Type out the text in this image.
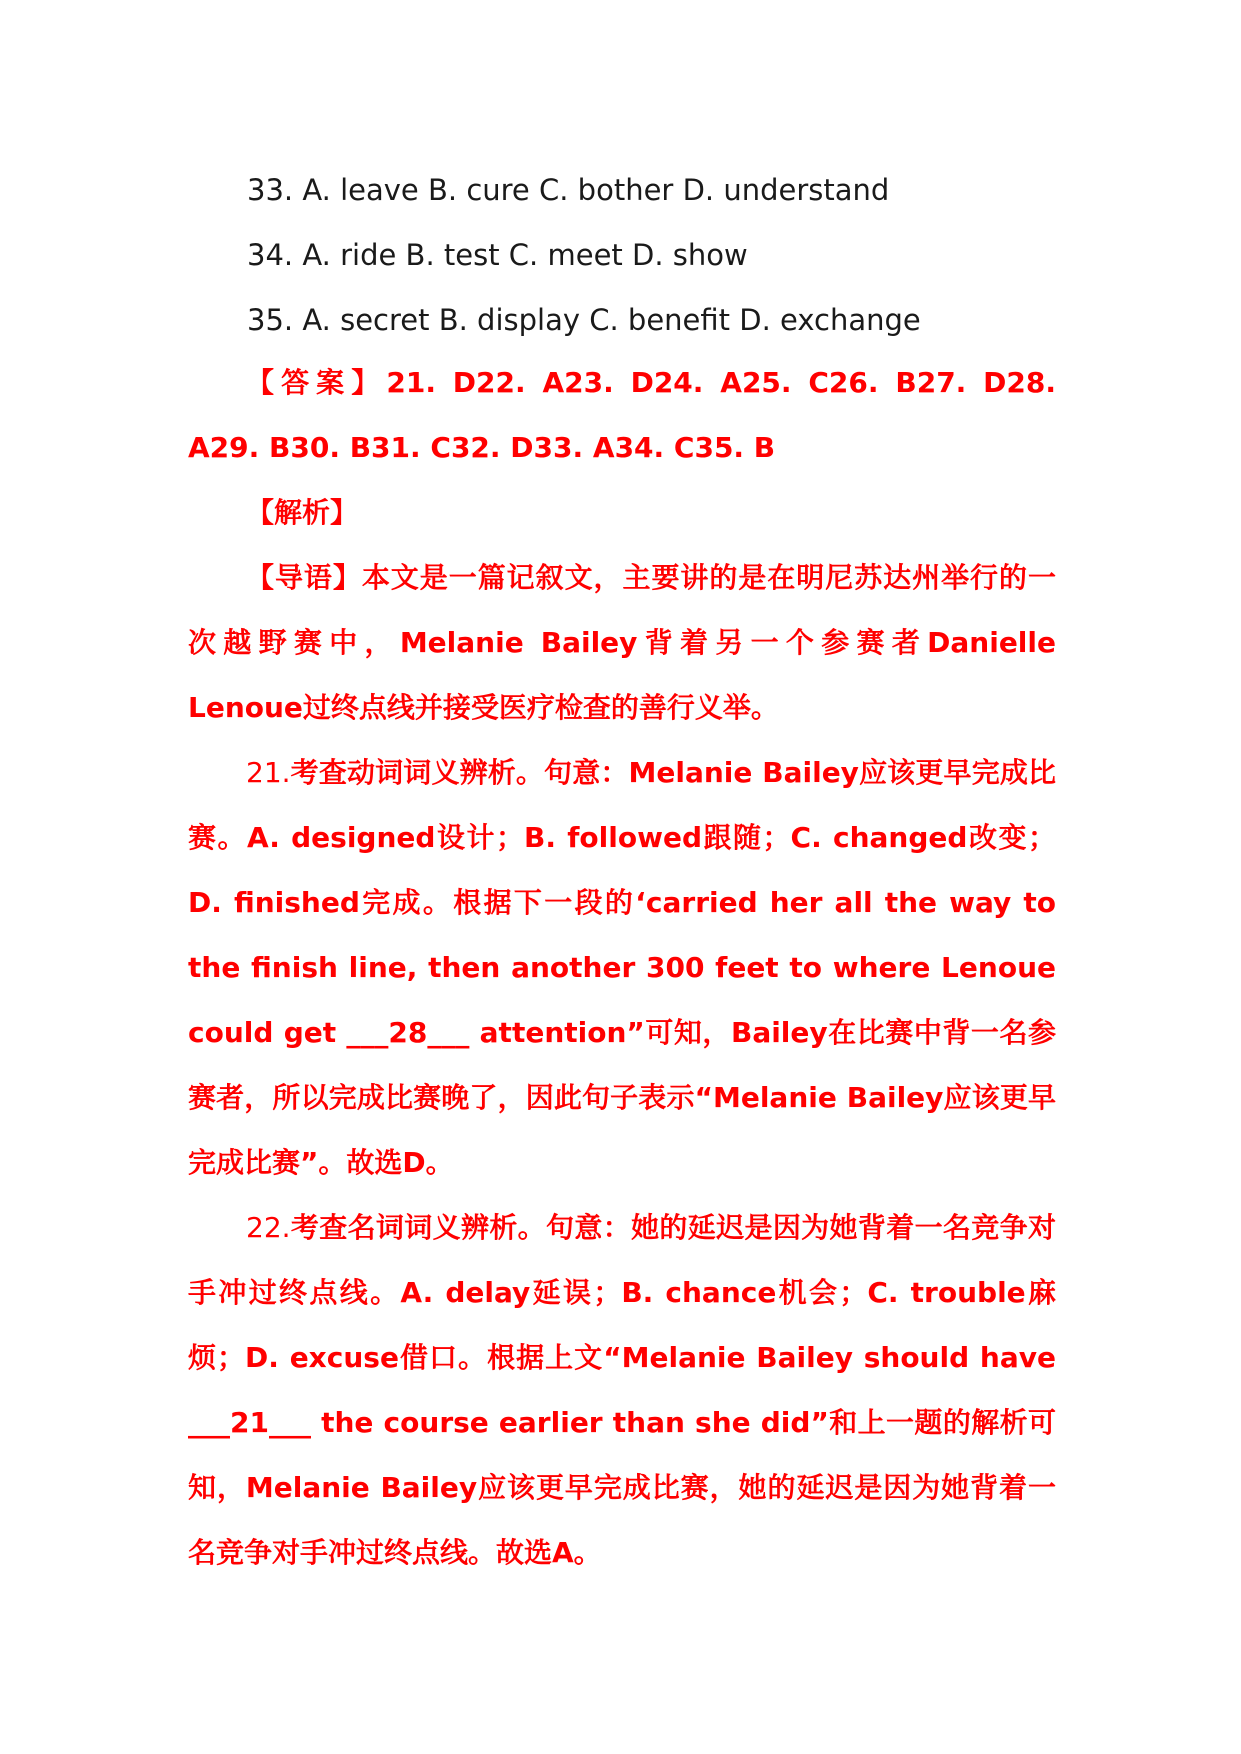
33. A. leave B. cure C. bother D. understand
34. A. ride B. test C. meet D. show
35. A. secret B. display C. benefit D. exchange

【答案】21. D22. A23. D24. A25. C26. B27. D28. A29. B30. B31. C32. D33. A34. C35. B

【解析】

【导语】本文是一篇记叙文，主要讲的是在明尼苏达州举行的一次越野赛中，Melanie Bailey背着另一个参赛者Danielle Lenoue过终点线并接受医疗检查的善行义举。

21.考查动词词义辨析。句意：Melanie Bailey应该更早完成比赛。A. designed设计；B. followed跟随；C. changed改变；D. finished完成。根据下一段的‘carried her all the way to the finish line, then another 300 feet to where Lenoue could get ___28___ attention”可知，Bailey在比赛中背一名参赛者，所以完成比赛晚了，因此句子表示“Melanie Bailey应该更早完成比赛”。故选D。

22.考查名词词义辨析。句意：她的延迟是因为她背着一名竞争对手冲过终点线。A. delay延误；B. chance机会；C. trouble麻烦；D. excuse借口。根据上文“Melanie Bailey should have ___21___ the course earlier than she did”和上一题的解析可知，Melanie Bailey应该更早完成比赛，她的延迟是因为她背着一名竞争对手冲过终点线。故选A。
